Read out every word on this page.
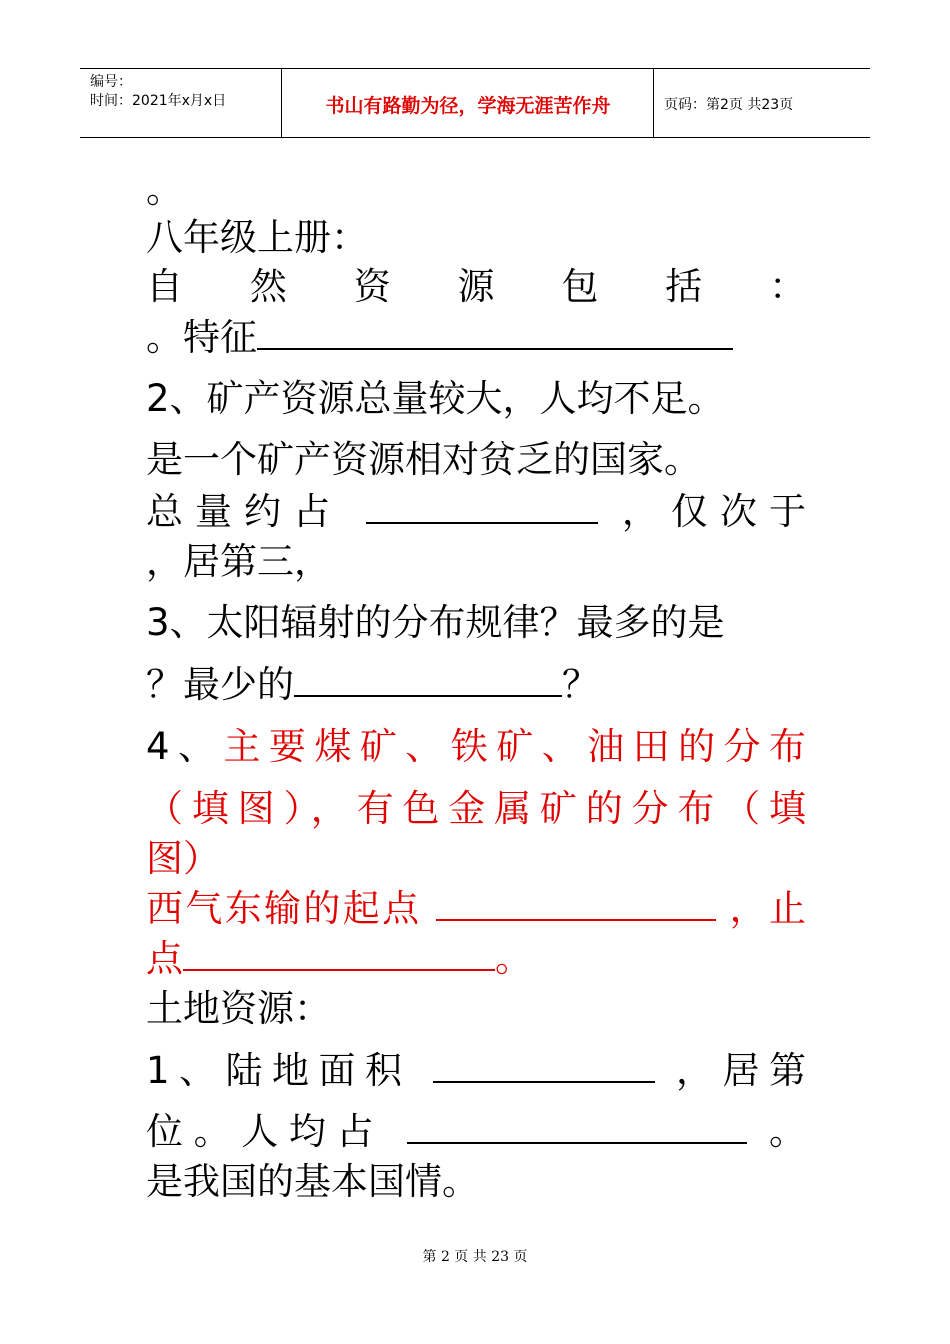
编号：
时间：2021年x月x日	书山有路勤为径，学海无涯苦作舟	页码：第2页 共23页
。
八年级上册：
自 然 资 源 包 括 ：
。特征
2、矿产资源总量较大，人均不足。
是一个矿产资源相对贫乏的国家。
总量约占	，仅次于
，居第三，
3、太阳辐射的分布规律？最多的是
？最少的	？
4、主要煤矿、铁矿、油田的分布
（填图），有色金属矿的分布（填
图）
西气东输的起点	，止
点	。
土地资源：
1、陆地面积	，居第
位。人均占	。
是我国的基本国情。
第 2 页 共 23 页
